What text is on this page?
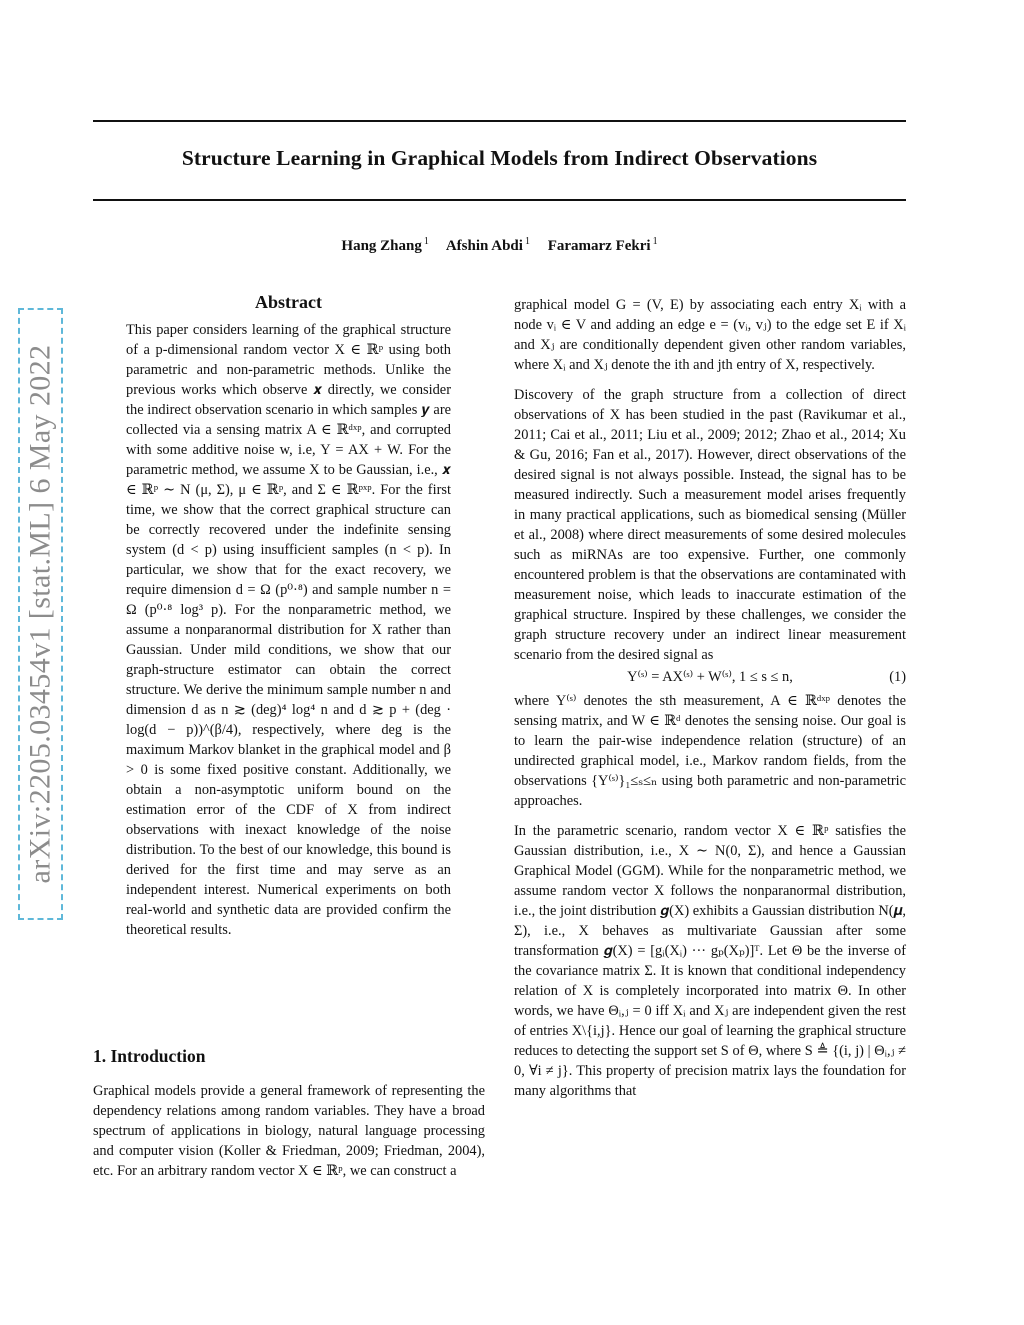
Structure Learning in Graphical Models from Indirect Observations
Hang Zhang $^1$ Afshin Abdi $^1$ Faramarz Fekri $^1$
arXiv:2205.03454v1 [stat.ML] 6 May 2022
Abstract

This paper considers learning of the graphical structure of a p-dimensional random vector X ∈ ℝᵖ using both parametric and non-parametric methods. Unlike the previous works which observe 𝒙 directly, we consider the indirect observation scenario in which samples 𝒚 are collected via a sensing matrix A ∈ ℝᵈˣᵖ, and corrupted with some additive noise w, i.e, Y = AX + W. For the parametric method, we assume X to be Gaussian, i.e., 𝒙 ∈ ℝᵖ ∼ N (μ, Σ), μ ∈ ℝᵖ, and Σ ∈ ℝᵖˣᵖ. For the first time, we show that the correct graphical structure can be correctly recovered under the indefinite sensing system (d < p) using insufficient samples (n < p). In particular, we show that for the exact recovery, we require dimension d = Ω (p⁰·⁸) and sample number n = Ω (p⁰·⁸ log³ p). For the nonparametric method, we assume a nonparanormal distribution for X rather than Gaussian. Under mild conditions, we show that our graph-structure estimator can obtain the correct structure. We derive the minimum sample number n and dimension d as n ≳ (deg)⁴ log⁴ n and d ≳ p + (deg · log(d − p))^(β/4), respectively, where deg is the maximum Markov blanket in the graphical model and β > 0 is some fixed positive constant. Additionally, we obtain a non-asymptotic uniform bound on the estimation error of the CDF of X from indirect observations with inexact knowledge of the noise distribution. To the best of our knowledge, this bound is derived for the first time and may serve as an independent interest. Numerical experiments on both real-world and synthetic data are provided confirm the theoretical results.

1. Introduction

Graphical models provide a general framework of representing the dependency relations among random variables. They have a broad spectrum of applications in biology, natural language processing and computer vision (Koller & Friedman, 2009; Friedman, 2004), etc. For an arbitrary random vector X ∈ ℝᵖ, we can construct a

graphical model G = (V, E) by associating each entry Xᵢ with a node vᵢ ∈ V and adding an edge e = (vᵢ, vⱼ) to the edge set E if Xᵢ and Xⱼ are conditionally dependent given other random variables, where Xᵢ and Xⱼ denote the ith and jth entry of X, respectively.

Discovery of the graph structure from a collection of direct observations of X has been studied in the past (Ravikumar et al., 2011; Cai et al., 2011; Liu et al., 2009; 2012; Zhao et al., 2014; Xu & Gu, 2016; Fan et al., 2017). However, direct observations of the desired signal is not always possible. Instead, the signal has to be measured indirectly. Such a measurement model arises frequently in many practical applications, such as biomedical sensing (Müller et al., 2008) where direct measurements of some desired molecules such as miRNAs are too expensive. Further, one commonly encountered problem is that the observations are contaminated with measurement noise, which leads to inaccurate estimation of the graphical structure. Inspired by these challenges, we consider the graph structure recovery under an indirect linear measurement scenario from the desired signal as

Y⁽ˢ⁾ = AX⁽ˢ⁾ + W⁽ˢ⁾, 1 ≤ s ≤ n,	(1)

where Y⁽ˢ⁾ denotes the sth measurement, A ∈ ℝᵈˣᵖ denotes the sensing matrix, and W ∈ ℝᵈ denotes the sensing noise. Our goal is to learn the pair-wise independence relation (structure) of an undirected graphical model, i.e., Markov random fields, from the observations {Y⁽ˢ⁾}₁≤ₛ≤ₙ using both parametric and non-parametric approaches.

In the parametric scenario, random vector X ∈ ℝᵖ satisfies the Gaussian distribution, i.e., X ∼ N(0, Σ), and hence a Gaussian Graphical Model (GGM). While for the nonparametric method, we assume random vector X follows the nonparanormal distribution, i.e., the joint distribution 𝒈(X) exhibits a Gaussian distribution N(𝝁, Σ), i.e., X behaves as multivariate Gaussian after some transformation 𝒈(X) = [gᵢ(Xᵢ) ··· gₚ(Xₚ)]ᵀ. Let Θ be the inverse of the covariance matrix Σ. It is known that conditional independency relation of X is completely incorporated into matrix Θ. In other words, we have Θᵢ,ⱼ = 0 iff Xᵢ and Xⱼ are independent given the rest of entries X\{i,j}. Hence our goal of learning the graphical structure reduces to detecting the support set S of Θ, where S ≜ {(i, j) | Θᵢ,ⱼ ≠ 0, ∀i ≠ j}. This property of precision matrix lays the foundation for many algorithms that
